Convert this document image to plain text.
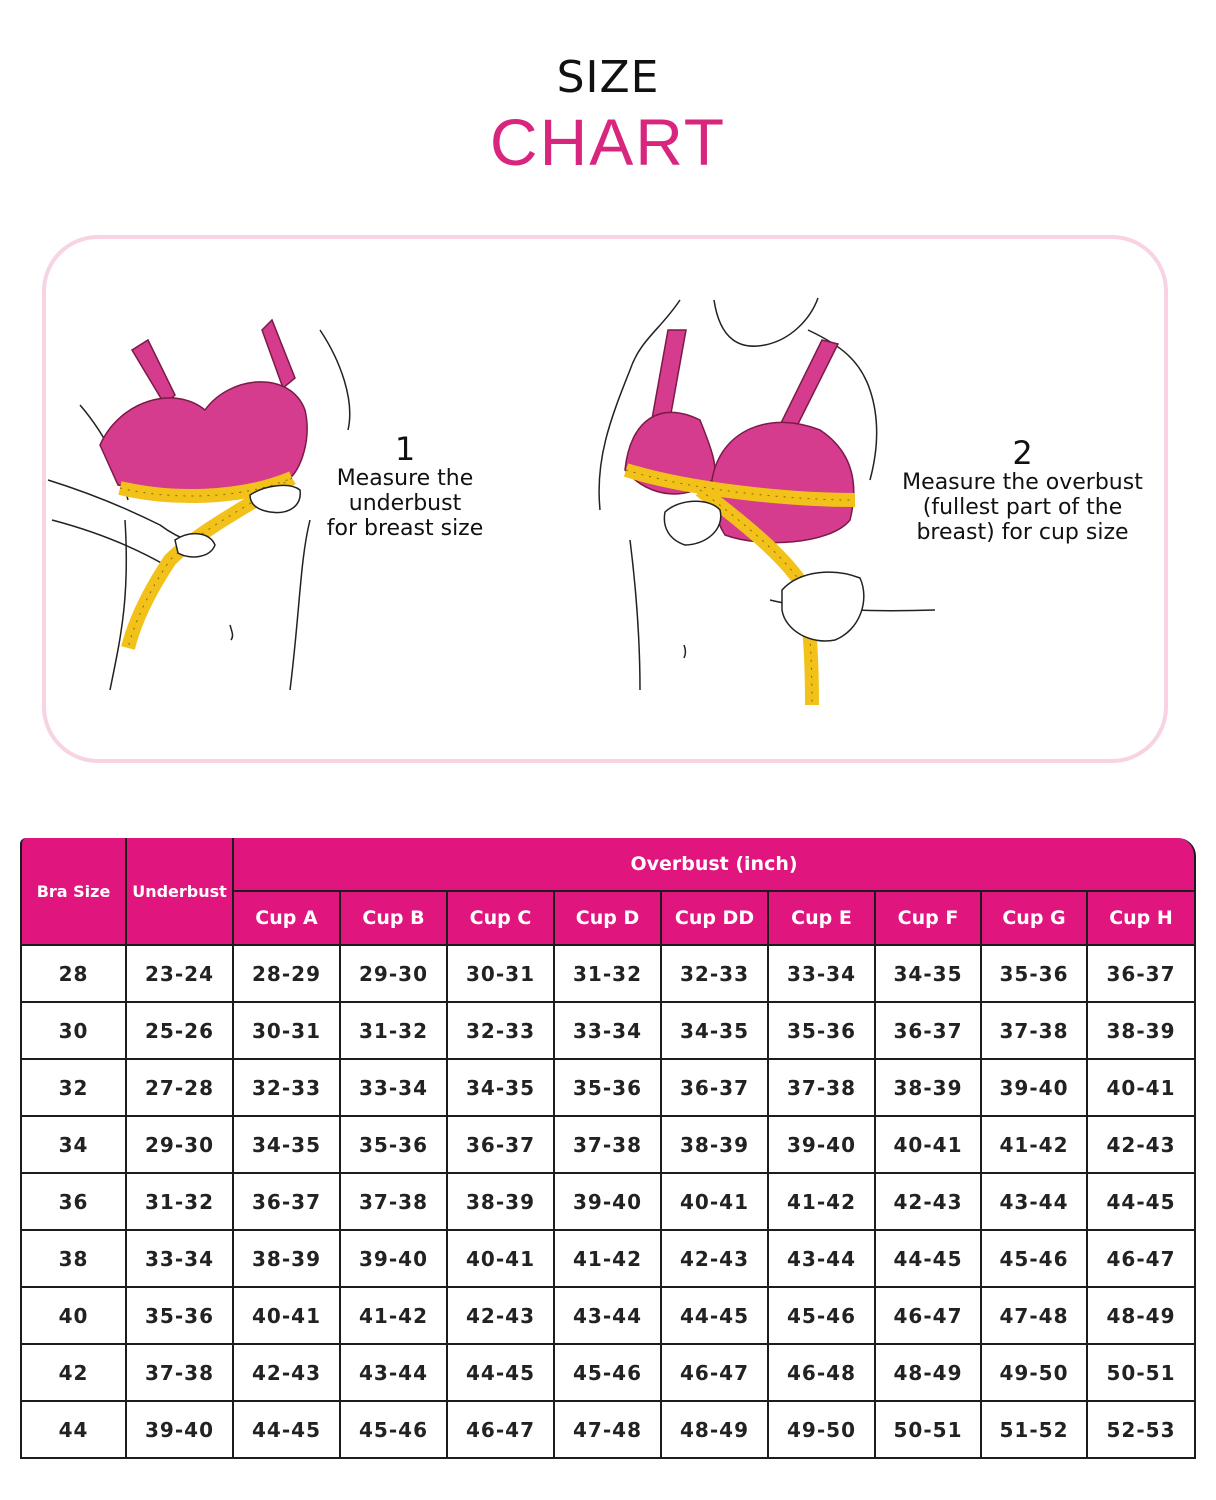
SIZE
CHART
1
Measure the
underbust
for breast size
2
Measure the overbust
(fullest part of the
breast) for cup size
Bra Size	Underbust	Overbust (inch)								
		Cup A	Cup B	Cup C	Cup D	Cup DD	Cup E	Cup F	Cup G	Cup H
28	23-24	28-29	29-30	30-31	31-32	32-33	33-34	34-35	35-36	36-37
30	25-26	30-31	31-32	32-33	33-34	34-35	35-36	36-37	37-38	38-39
32	27-28	32-33	33-34	34-35	35-36	36-37	37-38	38-39	39-40	40-41
34	29-30	34-35	35-36	36-37	37-38	38-39	39-40	40-41	41-42	42-43
36	31-32	36-37	37-38	38-39	39-40	40-41	41-42	42-43	43-44	44-45
38	33-34	38-39	39-40	40-41	41-42	42-43	43-44	44-45	45-46	46-47
40	35-36	40-41	41-42	42-43	43-44	44-45	45-46	46-47	47-48	48-49
42	37-38	42-43	43-44	44-45	45-46	46-47	46-48	48-49	49-50	50-51
44	39-40	44-45	45-46	46-47	47-48	48-49	49-50	50-51	51-52	52-53
